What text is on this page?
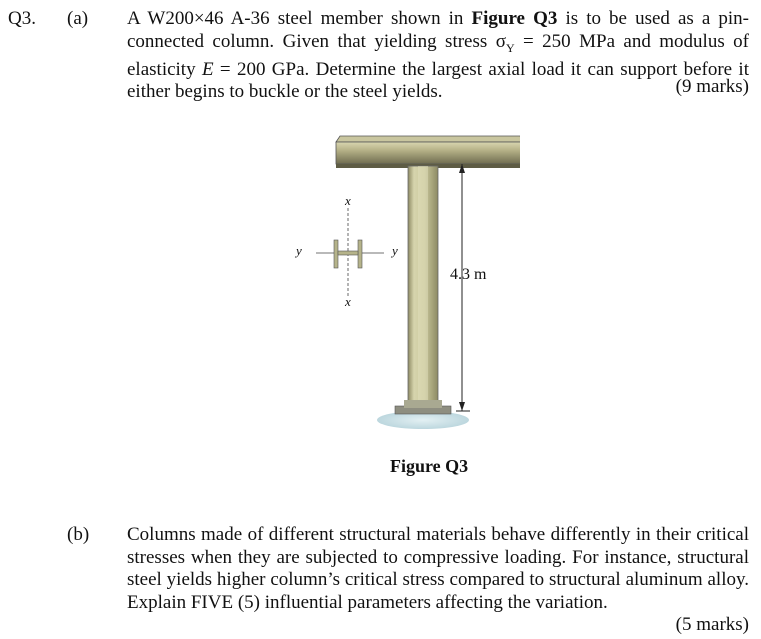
Q3. (a) A W200×46 A-36 steel member shown in Figure Q3 is to be used as a pin-connected column. Given that yielding stress $\sigma_Y = 250$ MPa and modulus of elasticity E = 200 GPa. Determine the largest axial load it can support before it either begins to buckle or the steel yields.	(9 marks)
x
x
y	y
4.3 m
Figure Q3
(b) Columns made of different structural materials behave differently in their critical stresses when they are subjected to compressive loading. For instance, structural steel yields higher column’s critical stress compared to structural aluminum alloy. Explain FIVE (5) influential parameters affecting the variation.
(5 marks)
